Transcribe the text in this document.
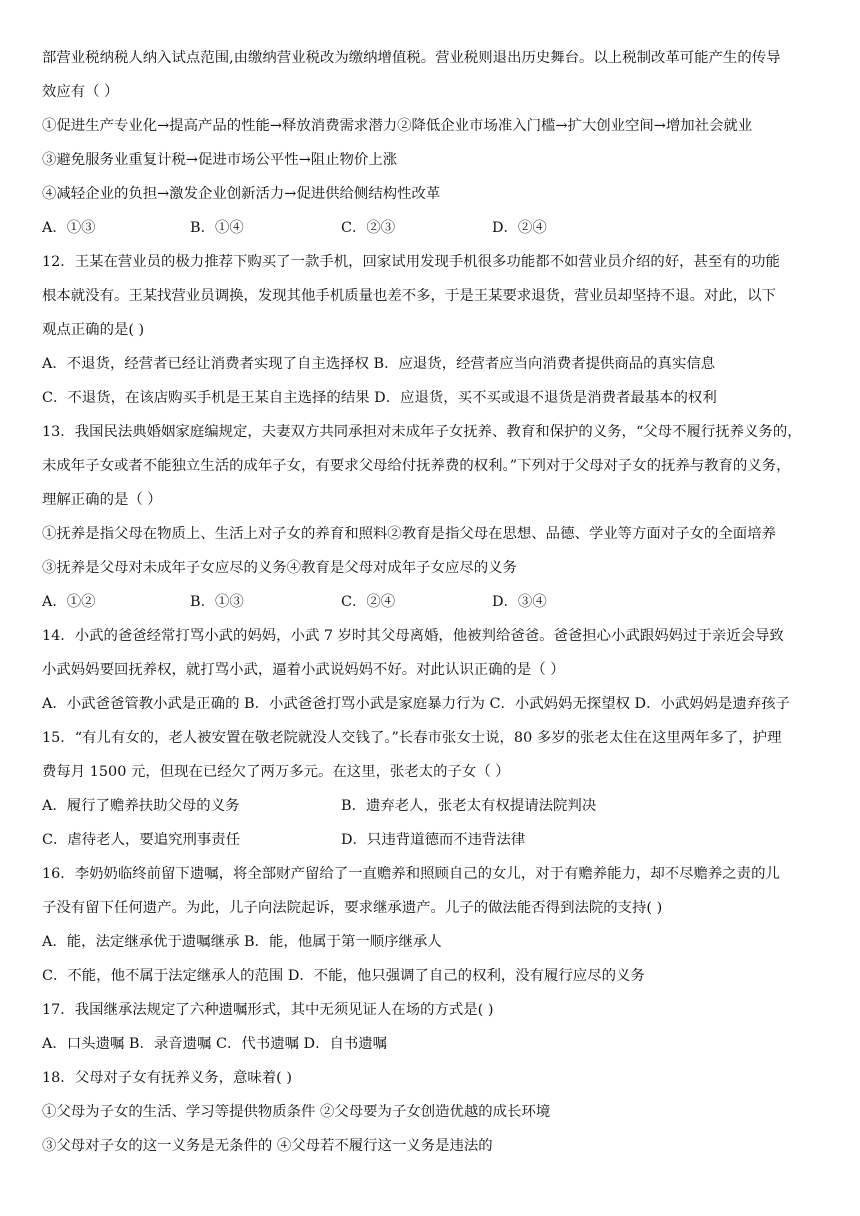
部营业税纳税人纳入试点范围,由缴纳营业税改为缴纳增值税。营业税则退出历史舞台。以上税制改革可能产生的传导
效应有（ ）
①促进生产专业化→提高产品的性能→释放消费需求潜力②降低企业市场准入门槛→扩大创业空间→增加社会就业
③避免服务业重复计税→促进市场公平性→阻止物价上涨
④减轻企业的负担→激发企业创新活力→促进供给侧结构性改革
A．①③	B．①④	C．②③	D．②④
12．王某在营业员的极力推荐下购买了一款手机，回家试用发现手机很多功能都不如营业员介绍的好，甚至有的功能
根本就没有。王某找营业员调换，发现其他手机质量也差不多，于是王某要求退货，营业员却坚持不退。对此，以下
观点正确的是( )
A．不退货，经营者已经让消费者实现了自主选择权 B．应退货，经营者应当向消费者提供商品的真实信息
C．不退货，在该店购买手机是王某自主选择的结果 D．应退货，买不买或退不退货是消费者最基本的权利
13．我国民法典婚姻家庭编规定，夫妻双方共同承担对未成年子女抚养、教育和保护的义务，“父母不履行抚养义务的，
未成年子女或者不能独立生活的成年子女，有要求父母给付抚养费的权利。”下列对于父母对子女的抚养与教育的义务，
理解正确的是（ ）
①抚养是指父母在物质上、生活上对子女的养育和照料②教育是指父母在思想、品德、学业等方面对子女的全面培养
③抚养是父母对未成年子女应尽的义务④教育是父母对成年子女应尽的义务
A．①②	B．①③	C．②④	D．③④
14．小武的爸爸经常打骂小武的妈妈，小武 7 岁时其父母离婚，他被判给爸爸。爸爸担心小武跟妈妈过于亲近会导致
小武妈妈要回抚养权，就打骂小武，逼着小武说妈妈不好。对此认识正确的是（ ）
A．小武爸爸管教小武是正确的 B．小武爸爸打骂小武是家庭暴力行为 C．小武妈妈无探望权 D．小武妈妈是遗弃孩子
15．“有儿有女的，老人被安置在敬老院就没人交钱了。”长春市张女士说，80 多岁的张老太住在这里两年多了，护理
费每月 1500 元，但现在已经欠了两万多元。在这里，张老太的子女（ ）
A．履行了赡养扶助父母的义务	B．遗弃老人，张老太有权提请法院判决
C．虐待老人，要追究刑事责任	D．只违背道德而不违背法律
16．李奶奶临终前留下遗嘱，将全部财产留给了一直赡养和照顾自己的女儿，对于有赡养能力，却不尽赡养之责的儿
子没有留下任何遗产。为此，儿子向法院起诉，要求继承遗产。儿子的做法能否得到法院的支持( )
A．能，法定继承优于遗嘱继承 B．能，他属于第一顺序继承人
C．不能，他不属于法定继承人的范围 D．不能，他只强调了自己的权利，没有履行应尽的义务
17．我国继承法规定了六种遗嘱形式，其中无须见证人在场的方式是( )
A．口头遗嘱 B．录音遗嘱 C．代书遗嘱 D．自书遗嘱
18．父母对子女有抚养义务，意味着( )
①父母为子女的生活、学习等提供物质条件 ②父母要为子女创造优越的成长环境
③父母对子女的这一义务是无条件的 ④父母若不履行这一义务是违法的
